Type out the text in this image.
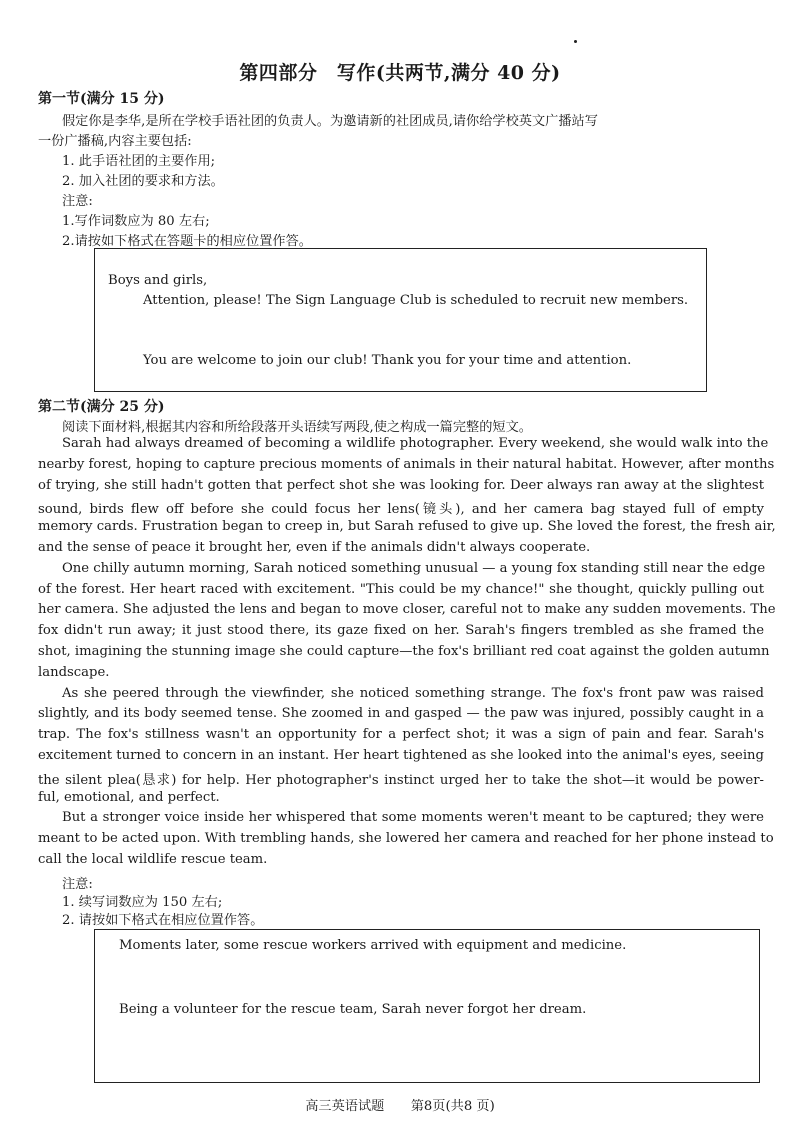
第四部分　写作(共两节,满分 40 分)
第一节(满分 15 分)
假定你是李华,是所在学校手语社团的负责人。为邀请新的社团成员,请你给学校英文广播站写
一份广播稿,内容主要包括:
1. 此手语社团的主要作用;
2. 加入社团的要求和方法。
注意:
1.写作词数应为 80 左右;
2.请按如下格式在答题卡的相应位置作答。
Boys and girls,
Attention, please! The Sign Language Club is scheduled to recruit new members.
You are welcome to join our club! Thank you for your time and attention.
第二节(满分 25 分)
阅读下面材料,根据其内容和所给段落开头语续写两段,使之构成一篇完整的短文。
Sarah had always dreamed of becoming a wildlife photographer. Every weekend, she would walk into the
nearby forest, hoping to capture precious moments of animals in their natural habitat. However, after months
of trying, she still hadn't gotten that perfect shot she was looking for. Deer always ran away at the slightest
sound, birds flew off before she could focus her lens(镜头), and her camera bag stayed full of empty
memory cards. Frustration began to creep in, but Sarah refused to give up. She loved the forest, the fresh air,
and the sense of peace it brought her, even if the animals didn't always cooperate.
One chilly autumn morning, Sarah noticed something unusual — a young fox standing still near the edge
of the forest. Her heart raced with excitement. "This could be my chance!" she thought, quickly pulling out
her camera. She adjusted the lens and began to move closer, careful not to make any sudden movements. The
fox didn't run away; it just stood there, its gaze fixed on her. Sarah's fingers trembled as she framed the
shot, imagining the stunning image she could capture—the fox's brilliant red coat against the golden autumn
landscape.
As she peered through the viewfinder, she noticed something strange. The fox's front paw was raised
slightly, and its body seemed tense. She zoomed in and gasped — the paw was injured, possibly caught in a
trap. The fox's stillness wasn't an opportunity for a perfect shot; it was a sign of pain and fear. Sarah's
excitement turned to concern in an instant. Her heart tightened as she looked into the animal's eyes, seeing
the silent plea(恳求) for help. Her photographer's instinct urged her to take the shot—it would be power-
ful, emotional, and perfect.
But a stronger voice inside her whispered that some moments weren't meant to be captured; they were
meant to be acted upon. With trembling hands, she lowered her camera and reached for her phone instead to
call the local wildlife rescue team.
Moments later, some rescue workers arrived with equipment and medicine.
Being a volunteer for the rescue team, Sarah never forgot her dream.
高三英语试题　　第8页(共8 页)
注意:
1. 续写词数应为 150 左右;
2. 请按如下格式在相应位置作答。
